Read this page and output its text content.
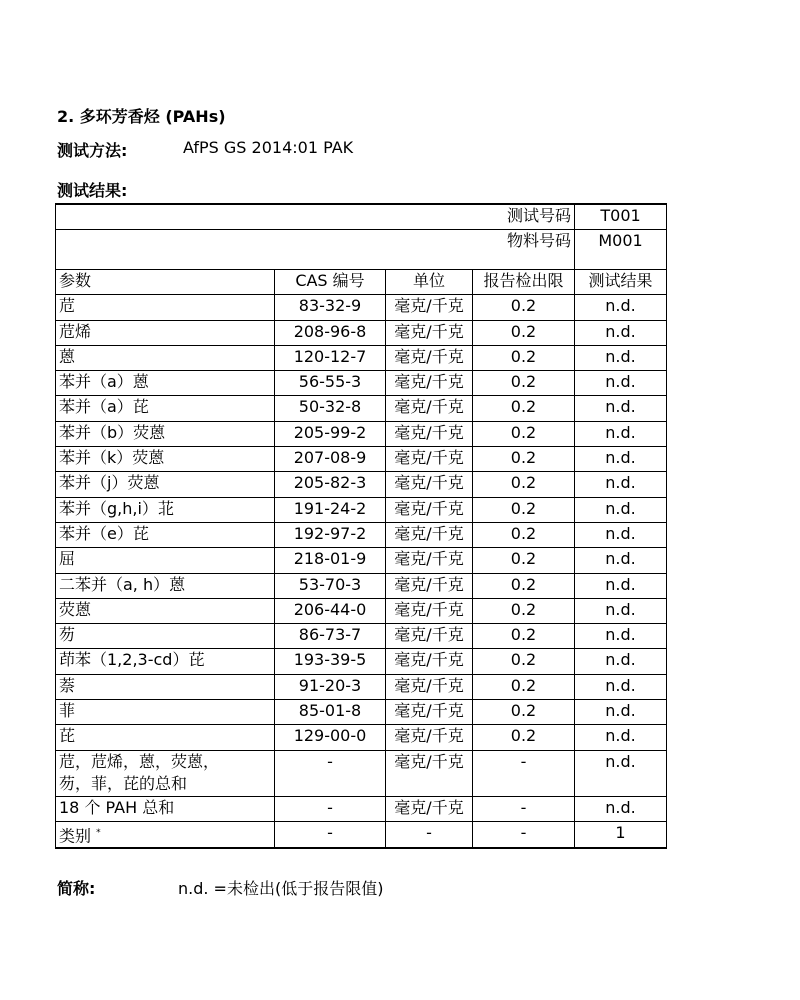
2. 多环芳香烃 (PAHs)
测试方法:	AfPS GS 2014:01 PAK
测试结果:
测试号码				T001
物料号码				M001
参数	CAS 编号	单位	报告检出限	测试结果
苊	83-32-9	毫克/千克	0.2	n.d.
苊烯	208-96-8	毫克/千克	0.2	n.d.
蒽	120-12-7	毫克/千克	0.2	n.d.
苯并（a）蒽	56-55-3	毫克/千克	0.2	n.d.
苯并（a）芘	50-32-8	毫克/千克	0.2	n.d.
苯并（b）荧蒽	205-99-2	毫克/千克	0.2	n.d.
苯并（k）荧蒽	207-08-9	毫克/千克	0.2	n.d.
苯并（j）荧蒽	205-82-3	毫克/千克	0.2	n.d.
苯并（g,h,i）苝	191-24-2	毫克/千克	0.2	n.d.
苯并（e）芘	192-97-2	毫克/千克	0.2	n.d.
屈	218-01-9	毫克/千克	0.2	n.d.
二苯并（a, h）蒽	53-70-3	毫克/千克	0.2	n.d.
荧蒽	206-44-0	毫克/千克	0.2	n.d.
芴	86-73-7	毫克/千克	0.2	n.d.
茚苯（1,2,3-cd）芘	193-39-5	毫克/千克	0.2	n.d.
萘	91-20-3	毫克/千克	0.2	n.d.
菲	85-01-8	毫克/千克	0.2	n.d.
芘	129-00-0	毫克/千克	0.2	n.d.
苊，苊烯，蒽，荧蒽，
芴，菲，芘的总和	-	毫克/千克	-	n.d.
18 个 PAH 总和	-	毫克/千克	-	n.d.
类别 *	-	-	-	1
简称:	n.d. =未检出(低于报告限值)
